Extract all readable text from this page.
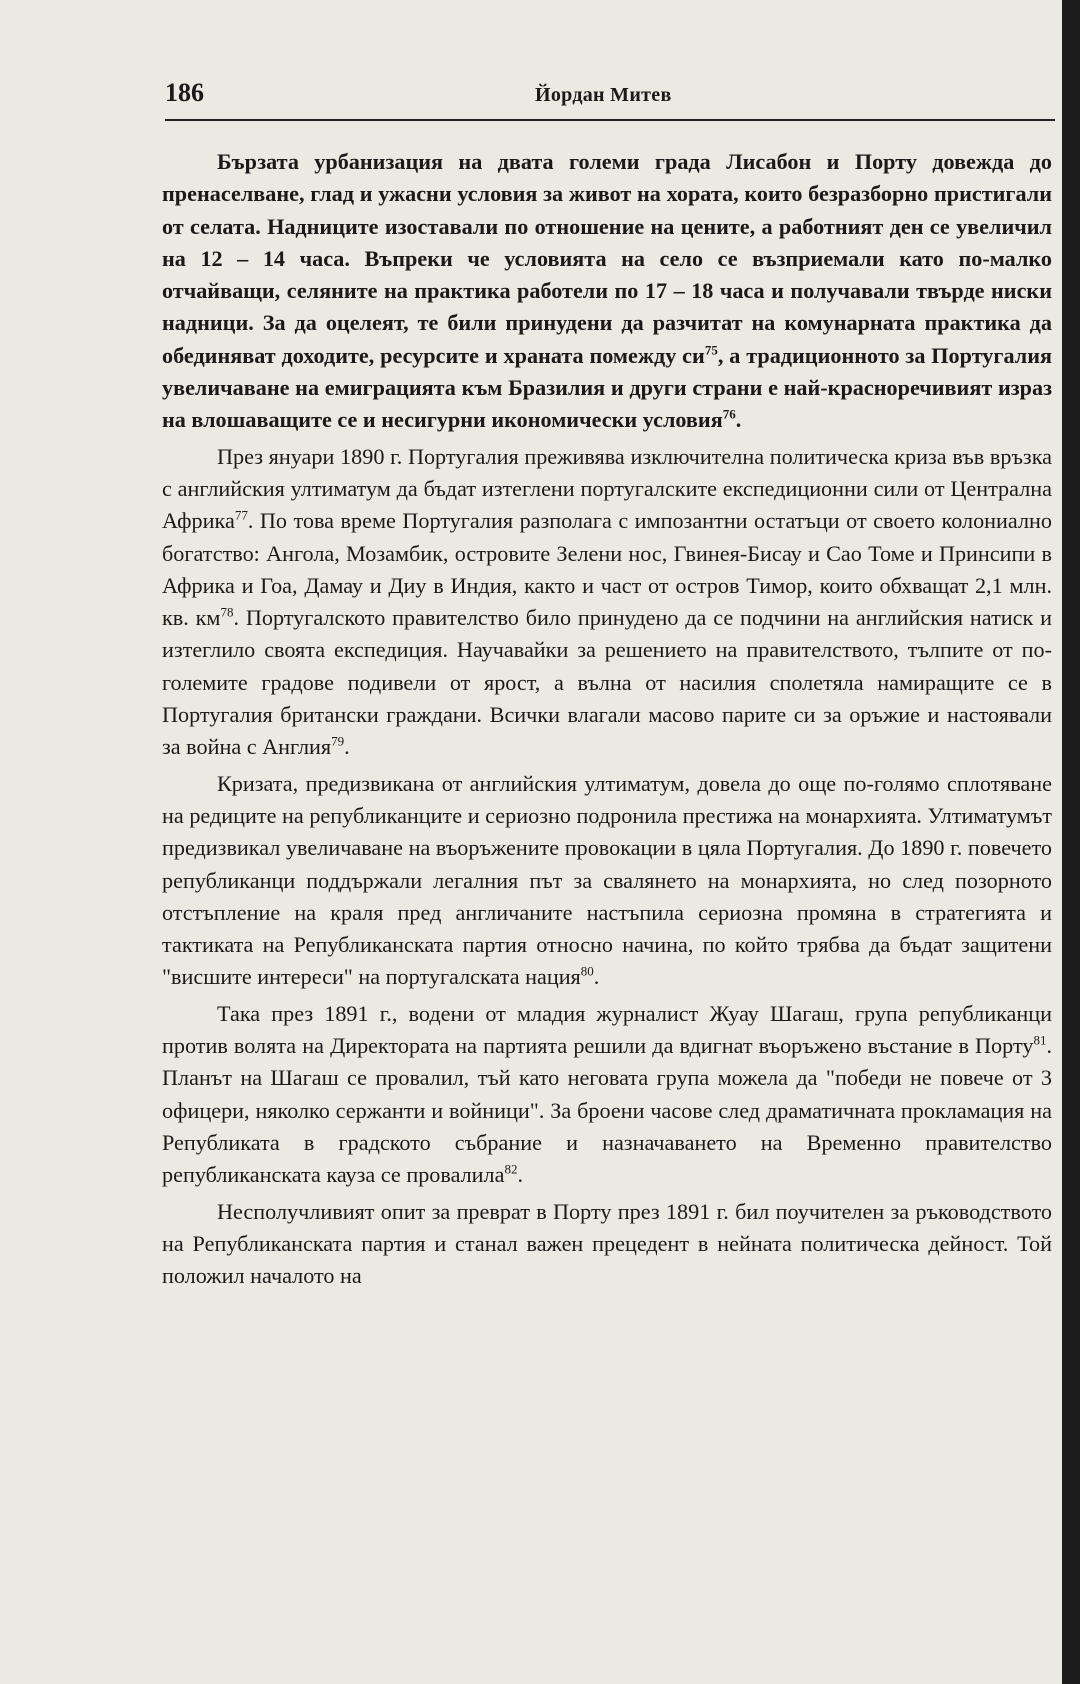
186	Йордан Митев

Бързата урбанизация на двата големи града Лисабон и Порту довежда до пренаселване, глад и ужасни условия за живот на хората, които безразборно пристигали от селата. Надниците изоставали по отношение на цените, а работният ден се увеличил на 12 – 14 часа. Въпреки че условията на село се възприемали като по-малко отчайващи, селяните на практика работели по 17 – 18 часа и получавали твърде ниски надници. За да оцелеят, те били принудени да разчитат на комунарната практика да обединяват доходите, ресурсите и храната помежду $си^{75}$, а традиционното за Португалия увеличаване на емиграцията към Бразилия и други страни е най-красноречивият израз на влошаващите се и несигурни икономически условия$^{76}$.

През януари 1890 г. Португалия преживява изключителна политическа криза във връзка с английския ултиматум да бъдат изтеглени португалските експедиционни сили от Централна Африка$^{77}$. По това време Португалия разполага с импозантни остатъци от своето колониално богатство: Ангола, Мозамбик, островите Зелени нос, Гвинея-Бисау и Сао Томе и Принсипи в Африка и Гоа, Дамау и Диу в Индия, както и част от остров Тимор, които обхващат 2,1 млн. кв. $км^{78}$. Португалското правителство било принудено да се подчини на английския натиск и изтеглило своята експедиция. Научавайки за решението на правителството, тълпите от по-големите градове подивели от ярост, а вълна от насилия сполетяла намиращите се в Португалия британски граждани. Всички влагали масово парите си за оръжие и настоявали за война с Англия$^{79}$.

Кризата, предизвикана от английския ултиматум, довела до още по-голямо сплотяване на редиците на републиканците и сериозно подронила престижа на монархията. Ултиматумът предизвикал увеличаване на въоръжените провокации в цяла Португалия. До 1890 г. повечето републиканци поддържали легалния път за свалянето на монархията, но след позорното отстъпление на краля пред англичаните настъпила сериозна промяна в стратегията и тактиката на Републиканската партия относно начина, по който трябва да бъдат защитени "висшите интереси" на португалската нация$^{80}$.

Така през 1891 г., водени от младия журналист Жуау Шагаш, група републиканци против волята на Директората на партията решили да вдигнат въоръжено въстание в Порту$^{81}$. Планът на Шагаш се провалил, тъй като неговата група можела да "победи не повече от 3 офицери, няколко сержанти и войници". За броени часове след драматичната прокламация на Републиката в градското събрание и назначаването на Временно правителство републиканската кауза се провалила$^{82}$.

Несполучливият опит за преврат в Порту през 1891 г. бил поучителен за ръководството на Републиканската партия и станал важен прецедент в нейната политическа дейност. Той положил началото на
